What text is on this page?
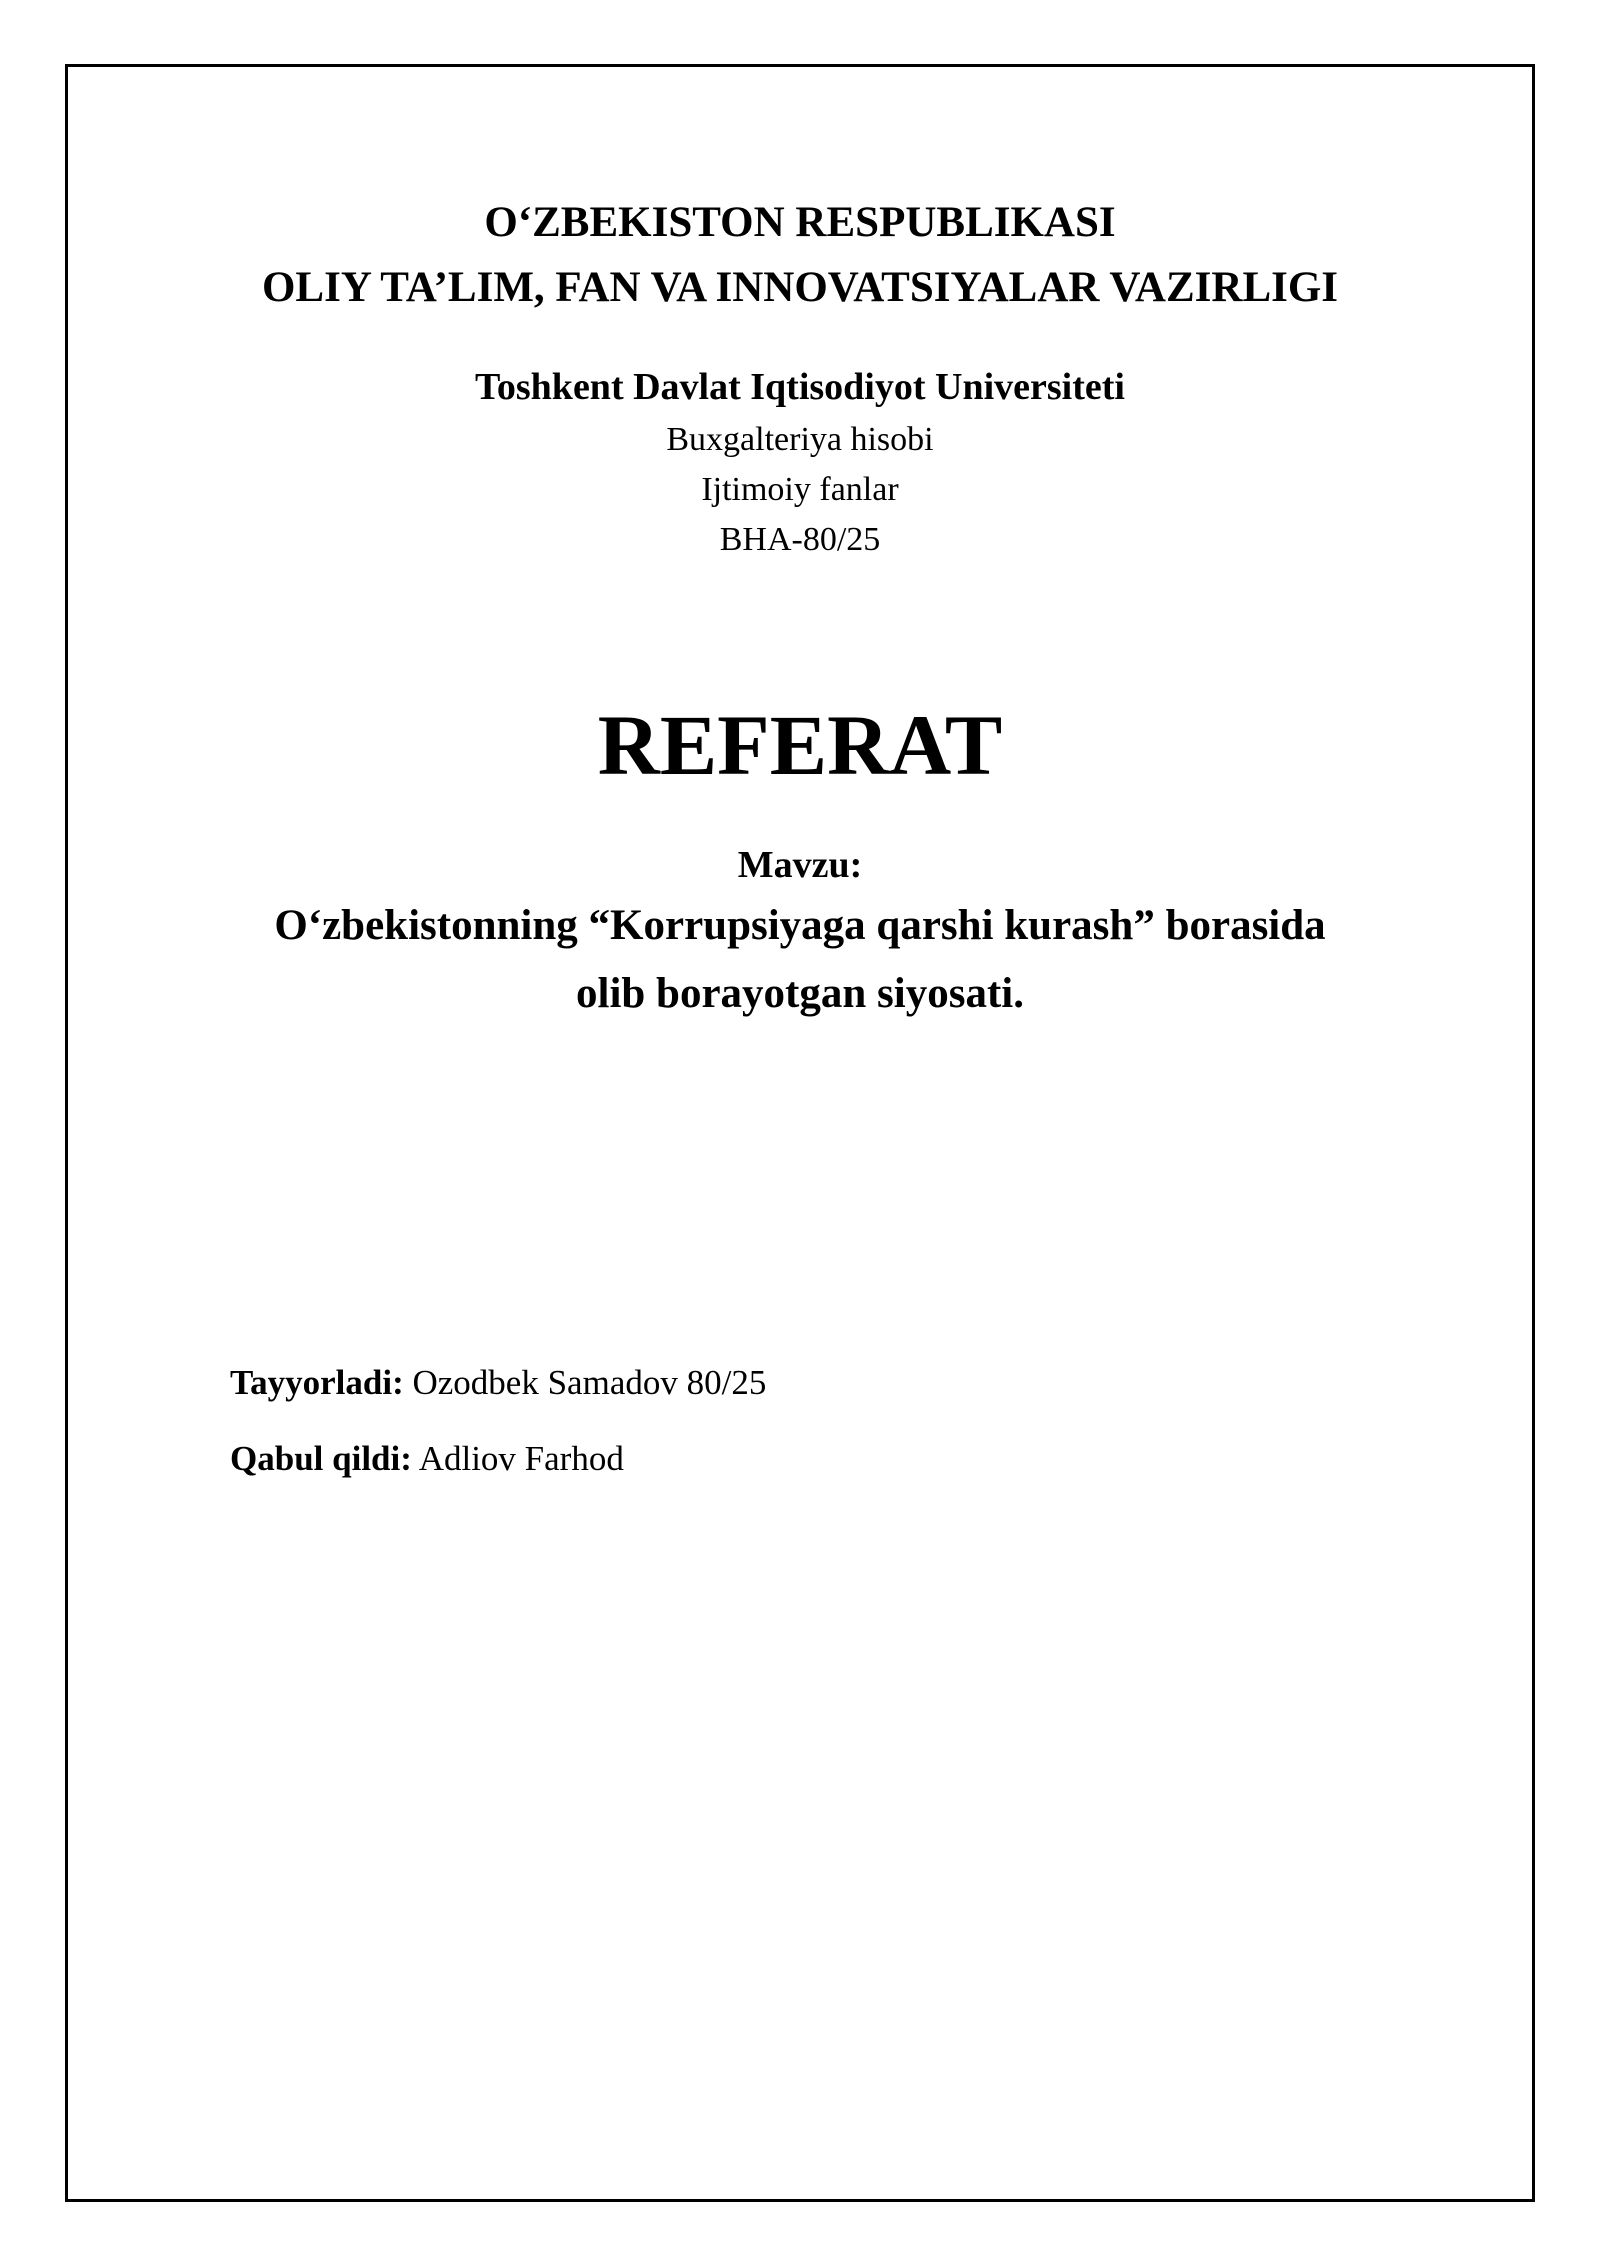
O‘ZBEKISTON RESPUBLIKASI

OLIY TA’LIM, FAN VA INNOVATSIYALAR VAZIRLIGI

Toshkent Davlat Iqtisodiyot Universiteti

Buxgalteriya hisobi

Ijtimoiy fanlar

BHA-80/25

REFERAT

Mavzu:

O‘zbekistonning “Korrupsiyaga qarshi kurash” borasida

olib borayotgan siyosati.

Tayyorladi: Ozodbek Samadov 80/25

Qabul qildi: Adliov Farhod
